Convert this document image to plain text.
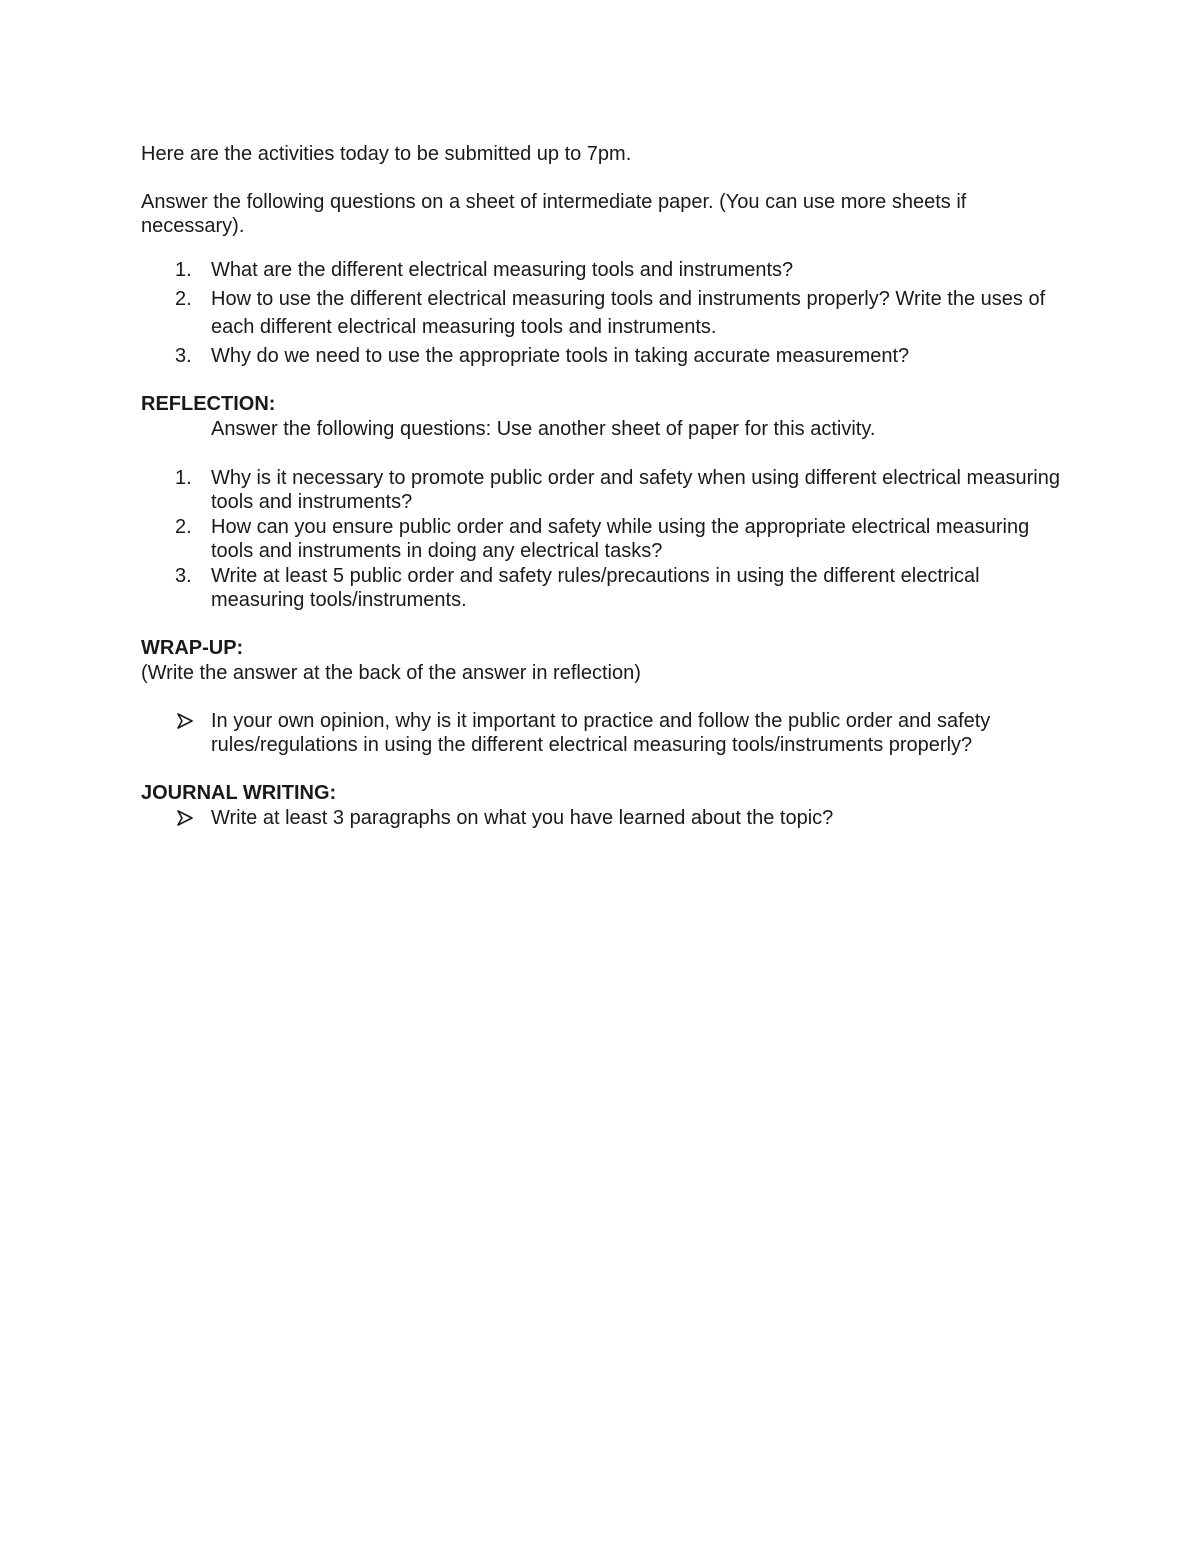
Here are the activities today to be submitted up to 7pm.

Answer the following questions on a sheet of intermediate paper. (You can use more sheets if necessary).

1. What are the different electrical measuring tools and instruments?
2. How to use the different electrical measuring tools and instruments properly? Write the uses of each different electrical measuring tools and instruments.
3. Why do we need to use the appropriate tools in taking accurate measurement?

REFLECTION:

Answer the following questions: Use another sheet of paper for this activity.

1. Why is it necessary to promote public order and safety when using different electrical measuring tools and instruments?
2. How can you ensure public order and safety while using the appropriate electrical measuring tools and instruments in doing any electrical tasks?
3. Write at least 5 public order and safety rules/precautions in using the different electrical measuring tools/instruments.

WRAP-UP:

(Write the answer at the back of the answer in reflection)

In your own opinion, why is it important to practice and follow the public order and safety rules/regulations in using the different electrical measuring tools/instruments properly?

JOURNAL WRITING:

Write at least 3 paragraphs on what you have learned about the topic?
